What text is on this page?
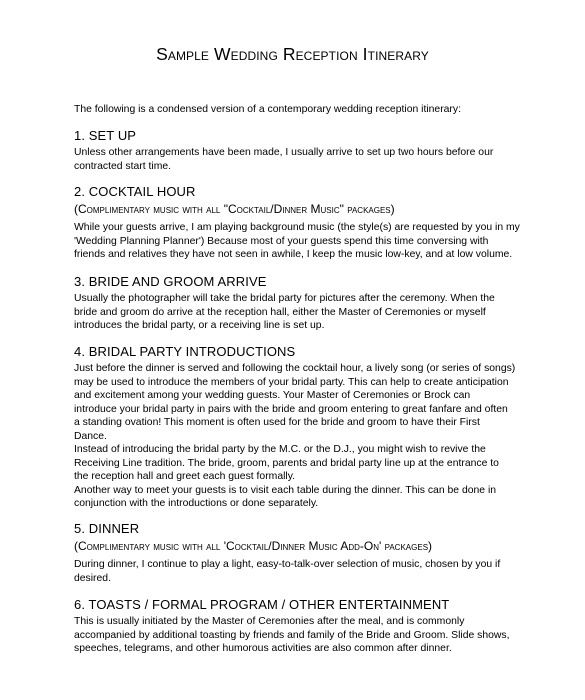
Sample Wedding Reception Itinerary
The following is a condensed version of a contemporary wedding reception itinerary:
1. SET UP
Unless other arrangements have been made, I usually arrive to set up two hours before our
contracted start time.
2. COCKTAIL HOUR
(Complimentary music with all "Cocktail/Dinner Music" packages)
While your guests arrive, I am playing background music (the style(s) are requested by you in my
'Wedding Planning Planner') Because most of your guests spend this time conversing with
friends and relatives they have not seen in awhile, I keep the music low-key, and at low volume.
3. BRIDE AND GROOM ARRIVE
Usually the photographer will take the bridal party for pictures after the ceremony. When the
bride and groom do arrive at the reception hall, either the Master of Ceremonies or myself
introduces the bridal party, or a receiving line is set up.
4. BRIDAL PARTY INTRODUCTIONS
Just before the dinner is served and following the cocktail hour, a lively song (or series of songs)
may be used to introduce the members of your bridal party. This can help to create anticipation
and excitement among your wedding guests. Your Master of Ceremonies or Brock can
introduce your bridal party in pairs with the bride and groom entering to great fanfare and often
a standing ovation! This moment is often used for the bride and groom to have their First
Dance.
Instead of introducing the bridal party by the M.C. or the D.J., you might wish to revive the
Receiving Line tradition. The bride, groom, parents and bridal party line up at the entrance to
the reception hall and greet each guest formally.
Another way to meet your guests is to visit each table during the dinner. This can be done in
conjunction with the introductions or done separately.
5. DINNER
(Complimentary music with all 'Cocktail/Dinner Music Add-On' packages)
During dinner, I continue to play a light, easy-to-talk-over selection of music, chosen by you if
desired.
6. TOASTS / FORMAL PROGRAM / OTHER ENTERTAINMENT
This is usually initiated by the Master of Ceremonies after the meal, and is commonly
accompanied by additional toasting by friends and family of the Bride and Groom. Slide shows,
speeches, telegrams, and other humorous activities are also common after dinner.
